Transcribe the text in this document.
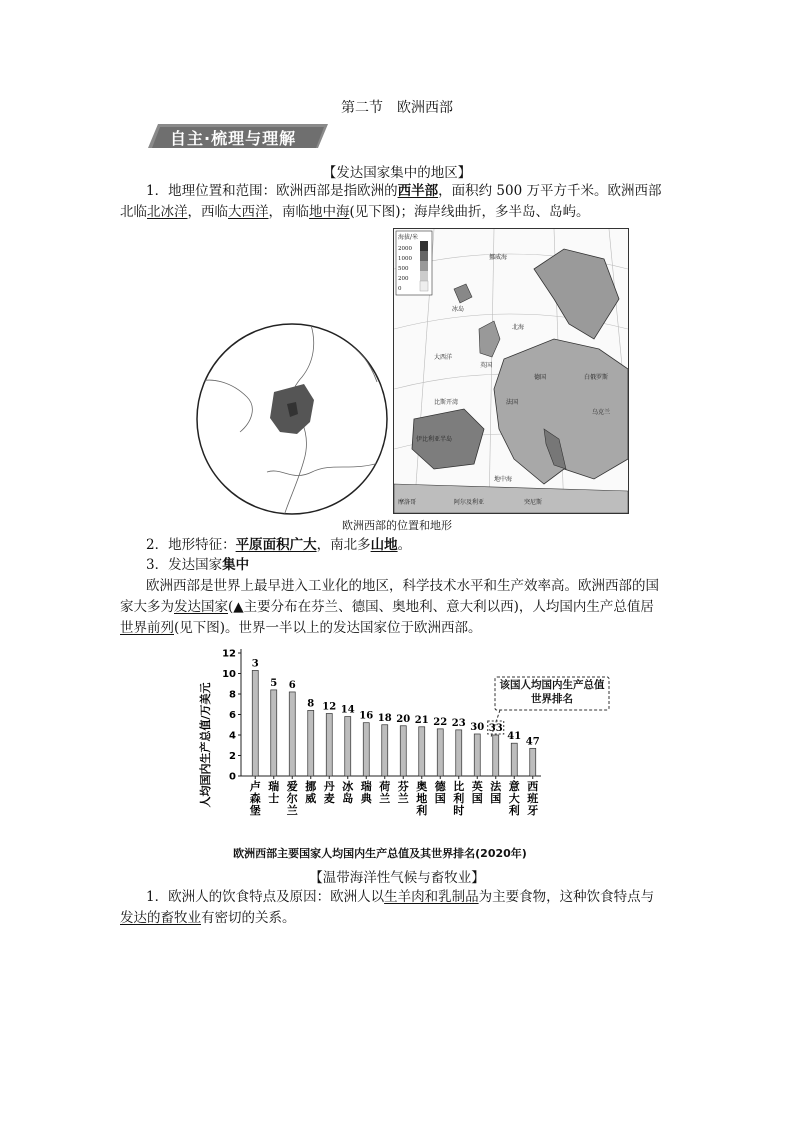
第二节　欧洲西部
自主·梳理与理解
【发达国家集中的地区】
1．地理位置和范围：欧洲西部是指欧洲的西半部，面积约 500 万平方千米。欧洲西部
北临北冰洋，西临大西洋，南临地中海(见下图)；海岸线曲折，多半岛、岛屿。
海拔/米
2000
1000
500
200
0
挪威海
冰岛
大西洋
英国
法国
德国
地中海
阿尔及利亚
摩洛哥	突尼斯
白俄罗斯
乌克兰
比斯开湾
伊比利亚半岛
北海
欧洲西部的位置和地形
2．地形特征：平原面积广大，南北多山地。
3．发达国家集中
欧洲西部是世界上最早进入工业化的地区，科学技术水平和生产效率高。欧洲西部的国
家大多为发达国家(▲主要分布在芬兰、德国、奥地利、意大利以西)，人均国内生产总值居
世界前列(见下图)。世界一半以上的发达国家位于欧洲西部。
0
2
4
6
8
10
12
3
卢
森
堡
5
瑞
士
6
爱
尔
兰
8
挪
威
12
丹
麦
14
冰
岛
16
瑞
典
18
荷
兰
20
芬
兰
21
奥
地
利
22
德
国
23
比
利
时
30
英
国
33
法
国
41
意
大
利
47
西
班
牙
人均国内生产总值/万美元	该国人均国内生产总值世界排名
欧洲西部主要国家人均国内生产总值及其世界排名(2020年)
【温带海洋性气候与畜牧业】
1．欧洲人的饮食特点及原因：欧洲人以生羊肉和乳制品为主要食物，这种饮食特点与
发达的畜牧业有密切的关系。
